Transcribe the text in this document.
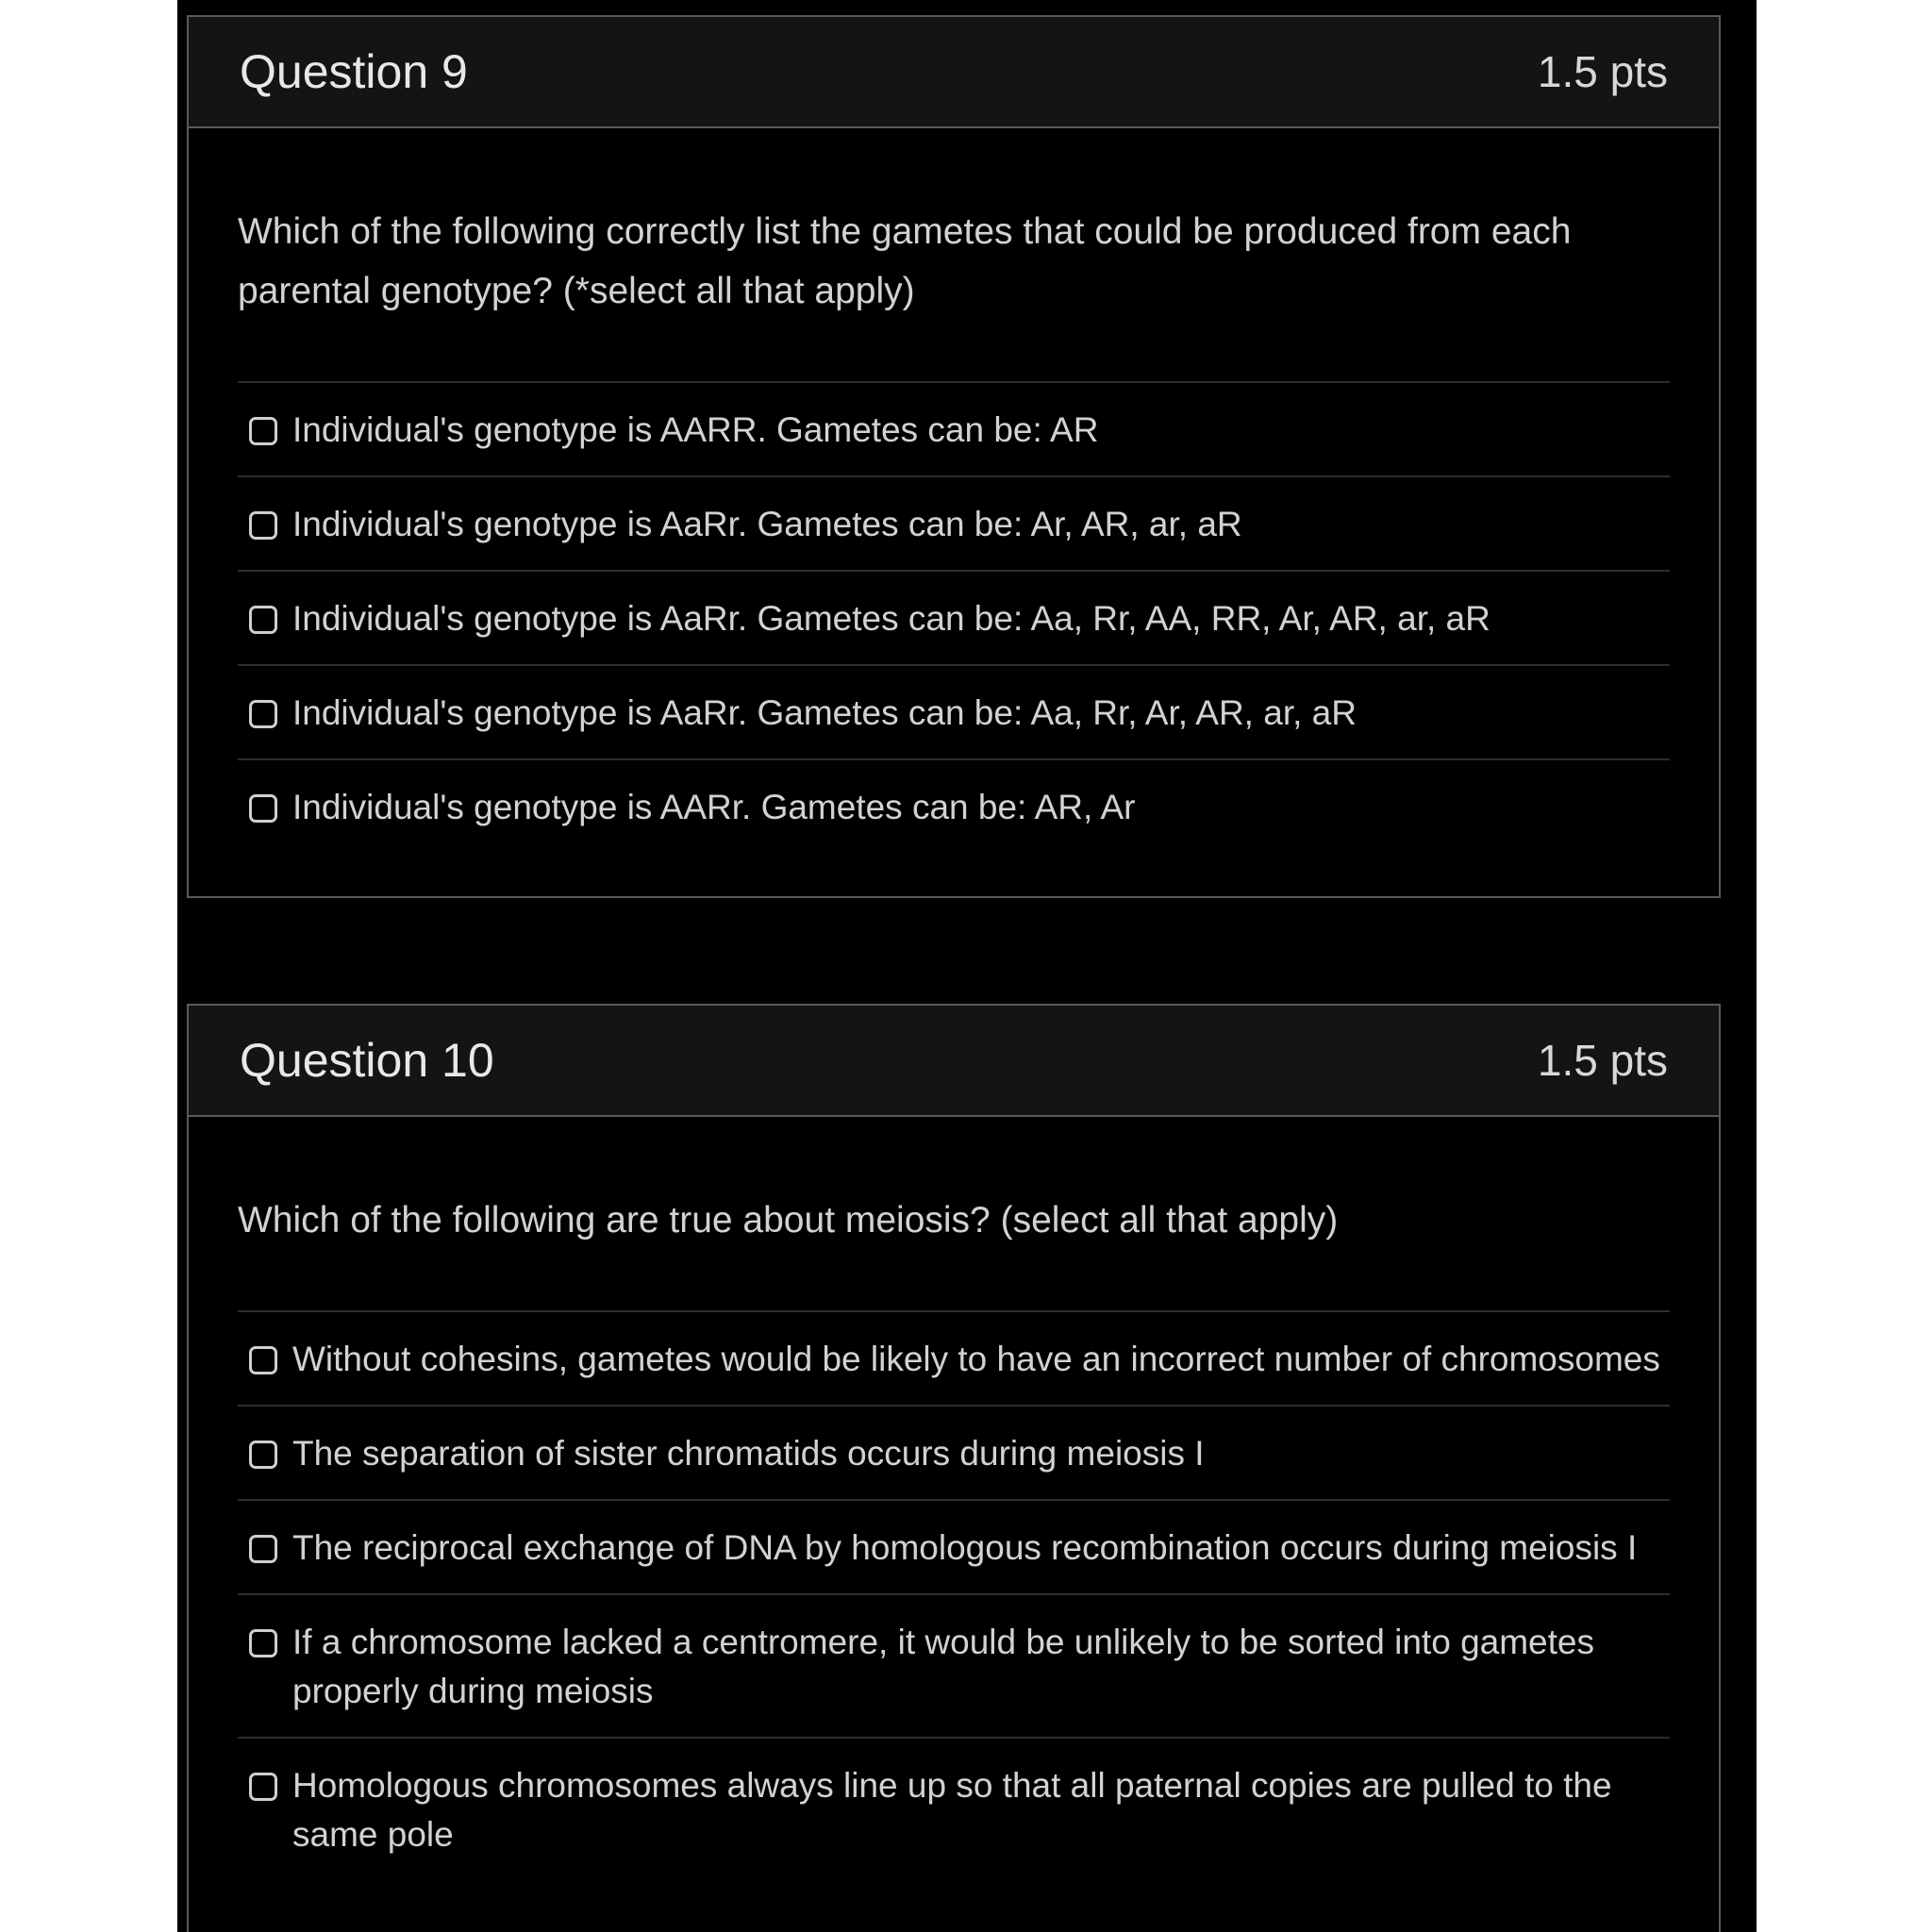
Question 9	1.5 pts

Which of the following correctly list the gametes that could be produced from each parental genotype? (*select all that apply)

Individual's genotype is AARR. Gametes can be: AR
Individual's genotype is AaRr. Gametes can be: Ar, AR, ar, aR
Individual's genotype is AaRr. Gametes can be: Aa, Rr, AA, RR, Ar, AR, ar, aR
Individual's genotype is AaRr. Gametes can be: Aa, Rr, Ar, AR, ar, aR
Individual's genotype is AARr. Gametes can be: AR, Ar
Question 10	1.5 pts

Which of the following are true about meiosis? (select all that apply)

Without cohesins, gametes would be likely to have an incorrect number of chromosomes
The separation of sister chromatids occurs during meiosis I
The reciprocal exchange of DNA by homologous recombination occurs during meiosis I
If a chromosome lacked a centromere, it would be unlikely to be sorted into gametes properly during meiosis
Homologous chromosomes always line up so that all paternal copies are pulled to the same pole
